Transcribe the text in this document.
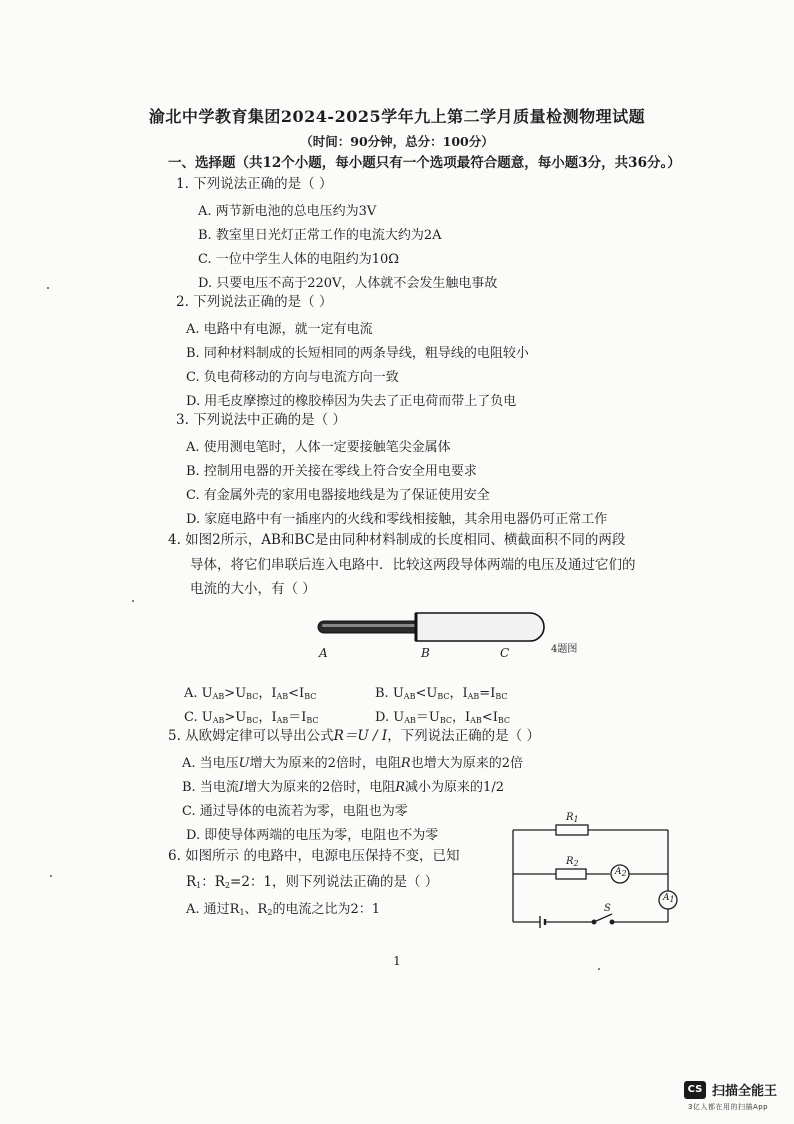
渝北中学教育集团2024-2025学年九上第二学月质量检测物理试题
（时间：90分钟，总分：100分）
一、选择题（共12个小题，每小题只有一个选项最符合题意，每小题3分，共36分。）
1. 下列说法正确的是（ ）
A. 两节新电池的总电压约为3V
B. 教室里日光灯正常工作的电流大约为2A
C. 一位中学生人体的电阻约为10Ω
D. 只要电压不高于220V，人体就不会发生触电事故
2. 下列说法正确的是（ ）
A. 电路中有电源，就一定有电流
B. 同种材料制成的长短相同的两条导线，粗导线的电阻较小
C. 负电荷移动的方向与电流方向一致
D. 用毛皮摩擦过的橡胶棒因为失去了正电荷而带上了负电
3. 下列说法中正确的是（ ）
A. 使用测电笔时，人体一定要接触笔尖金属体
B. 控制用电器的开关接在零线上符合安全用电要求
C. 有金属外壳的家用电器接地线是为了保证使用安全
D. 家庭电路中有一插座内的火线和零线相接触，其余用电器仍可正常工作
4. 如图2所示，AB和BC是由同种材料制成的长度相同、横截面积不同的两段
导体，将它们串联后连入电路中．比较这两段导体两端的电压及通过它们的
电流的大小，有（ ）
A	B	C	4题图
A. $U_{AB}>U_{BC}$，$I_{AB}<I_{BC}$	B. $U_{AB}<U_{BC}$，$I_{AB}=I_{BC}$
C. $U_{AB}>U_{BC}$，$I_{AB}=I_{BC}$	D. $U_{AB}=U_{BC}$，$I_{AB}<I_{BC}$
5. 从欧姆定律可以导出公式R＝U / I，下列说法正确的是（ ）
A. 当电压U增大为原来的2倍时，电阻R也增大为原来的2倍
B. 当电流I增大为原来的2倍时，电阻R减小为原来的1/2
C. 通过导体的电流若为零，电阻也为零
D. 即使导体两端的电压为零，电阻也不为零
6. 如图所示 的电路中，电源电压保持不变，已知
$R_1$：$R_2=2$：1，则下列说法正确的是（ ）
A. 通过$R_1$、$R_2$的电流之比为2：1
$R_1$
$R_2$
$A_2$
$A_1$
S
1
CS 扫描全能王
3亿人都在用的扫描App
